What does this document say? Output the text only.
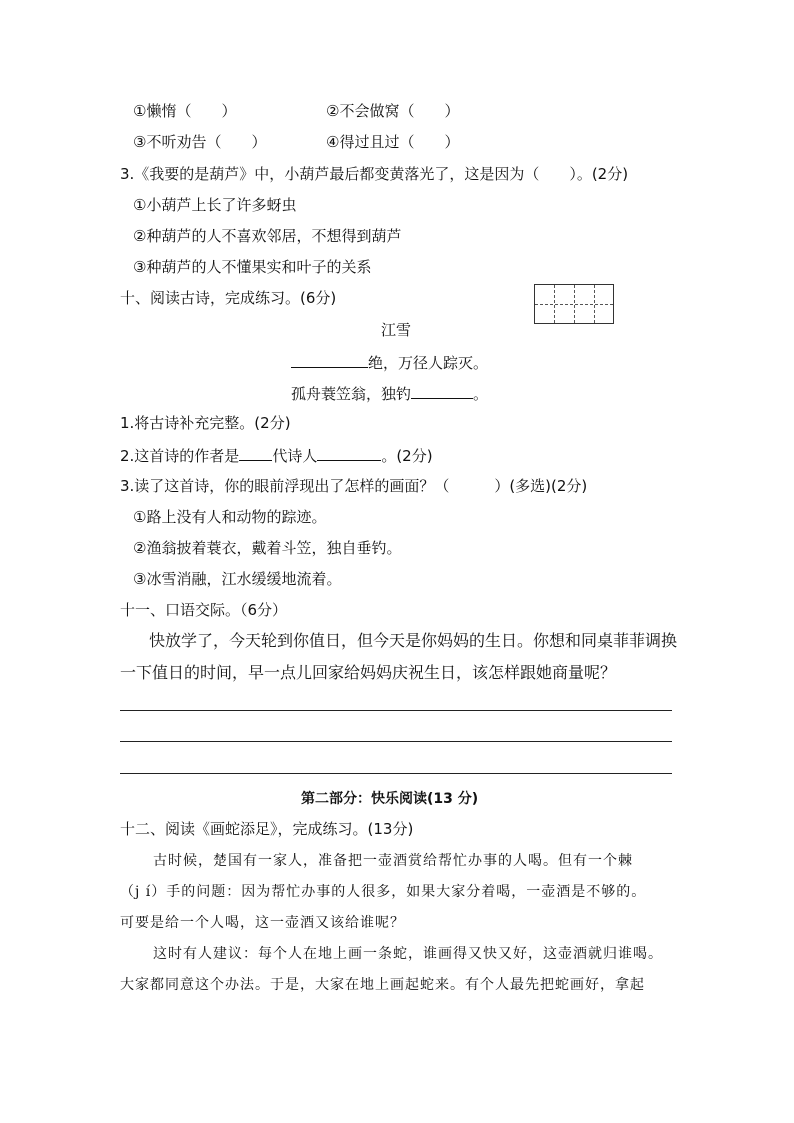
①懒惰（　　）	②不会做窝（　　）
③不听劝告（　　）	④得过且过（　　）
3.《我要的是葫芦》中，小葫芦最后都变黄落光了，这是因为（　　）。(2分)
①小葫芦上长了许多蚜虫
②种葫芦的人不喜欢邻居，不想得到葫芦
③种葫芦的人不懂果实和叶子的关系
十、阅读古诗，完成练习。(6分)
江雪
绝，万径人踪灭。
孤舟蓑笠翁，独钓	。
1.将古诗补充完整。(2分)
2.这首诗的作者是 代诗人	。(2分)
3.读了这首诗，你的眼前浮现出了怎样的画面？（　　　）(多选)(2分)
①路上没有人和动物的踪迹。
②渔翁披着蓑衣，戴着斗笠，独自垂钓。
③冰雪消融，江水缓缓地流着。
十一、口语交际。（6分）
快放学了，今天轮到你值日，但今天是你妈妈的生日。你想和同桌菲菲调换
一下值日的时间，早一点儿回家给妈妈庆祝生日，该怎样跟她商量呢？
第二部分：快乐阅读(13 分)
十二、阅读《画蛇添足》，完成练习。(13分)
古时候，楚国有一家人，准备把一壶酒赏给帮忙办事的人喝。但有一个棘
（j í）手的问题：因为帮忙办事的人很多，如果大家分着喝，一壶酒是不够的。
可要是给一个人喝，这一壶酒又该给谁呢？
这时有人建议：每个人在地上画一条蛇，谁画得又快又好，这壶酒就归谁喝。
大家都同意这个办法。于是，大家在地上画起蛇来。有个人最先把蛇画好，拿起
